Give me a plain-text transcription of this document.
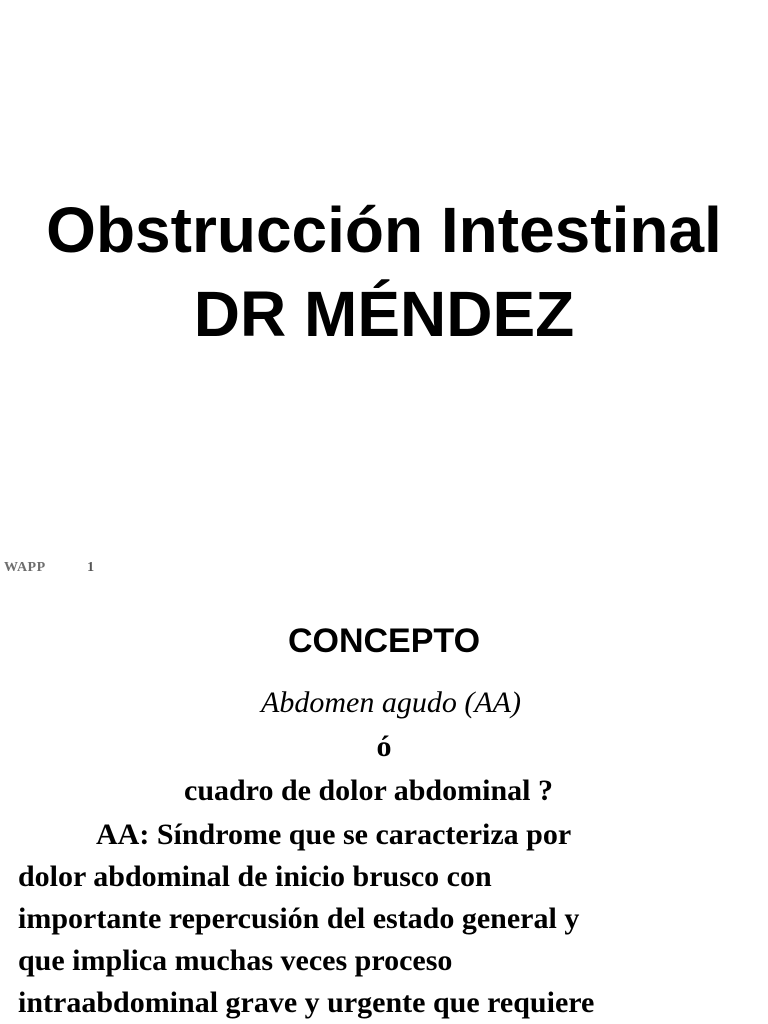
Obstrucción Intestinal
DR MÉNDEZ
WAPP	1
CONCEPTO

Abdomen agudo (AA)

ó

cuadro de dolor abdominal ?

AA: Síndrome que se caracteriza por
dolor abdominal de inicio brusco con
importante repercusión del estado general y
que implica muchas veces proceso
intraabdominal grave y urgente que requiere
